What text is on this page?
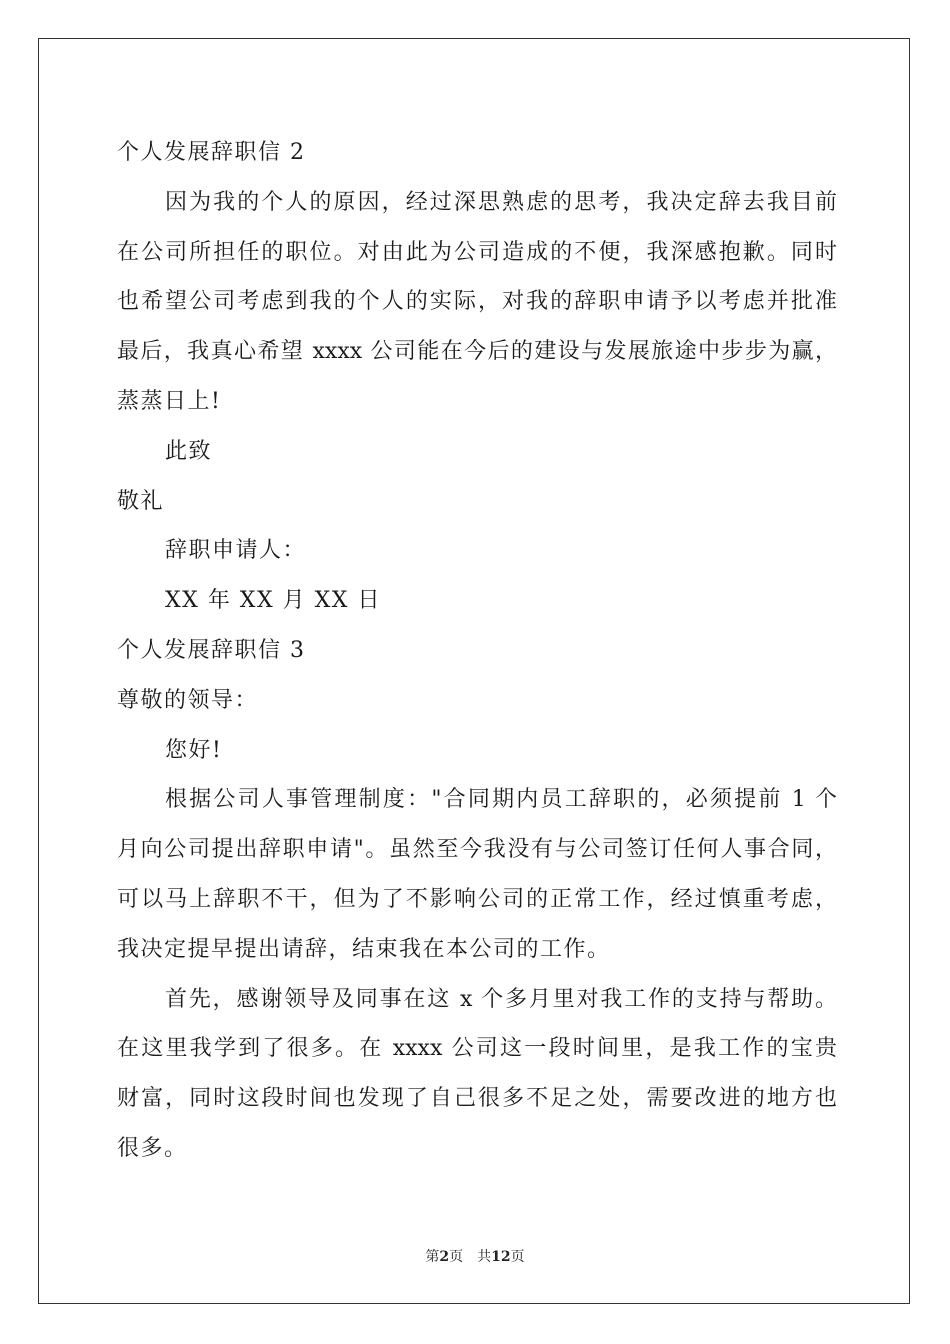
个人发展辞职信 2
因为我的个人的原因，经过深思熟虑的思考，我决定辞去我目前
在公司所担任的职位。对由此为公司造成的不便，我深感抱歉。同时
也希望公司考虑到我的个人的实际，对我的辞职申请予以考虑并批准
最后，我真心希望 xxxx 公司能在今后的建设与发展旅途中步步为赢，
蒸蒸日上!
此致
敬礼
辞职申请人：
XX 年 XX 月 XX 日
个人发展辞职信 3
尊敬的领导：
您好!
根据公司人事管理制度："合同期内员工辞职的，必须提前 1 个
月向公司提出辞职申请"。虽然至今我没有与公司签订任何人事合同，
可以马上辞职不干，但为了不影响公司的正常工作，经过慎重考虑，
我决定提早提出请辞，结束我在本公司的工作。
首先，感谢领导及同事在这 x 个多月里对我工作的支持与帮助。
在这里我学到了很多。在 xxxx 公司这一段时间里，是我工作的宝贵
财富，同时这段时间也发现了自己很多不足之处，需要改进的地方也
很多。
第2页 共12页
